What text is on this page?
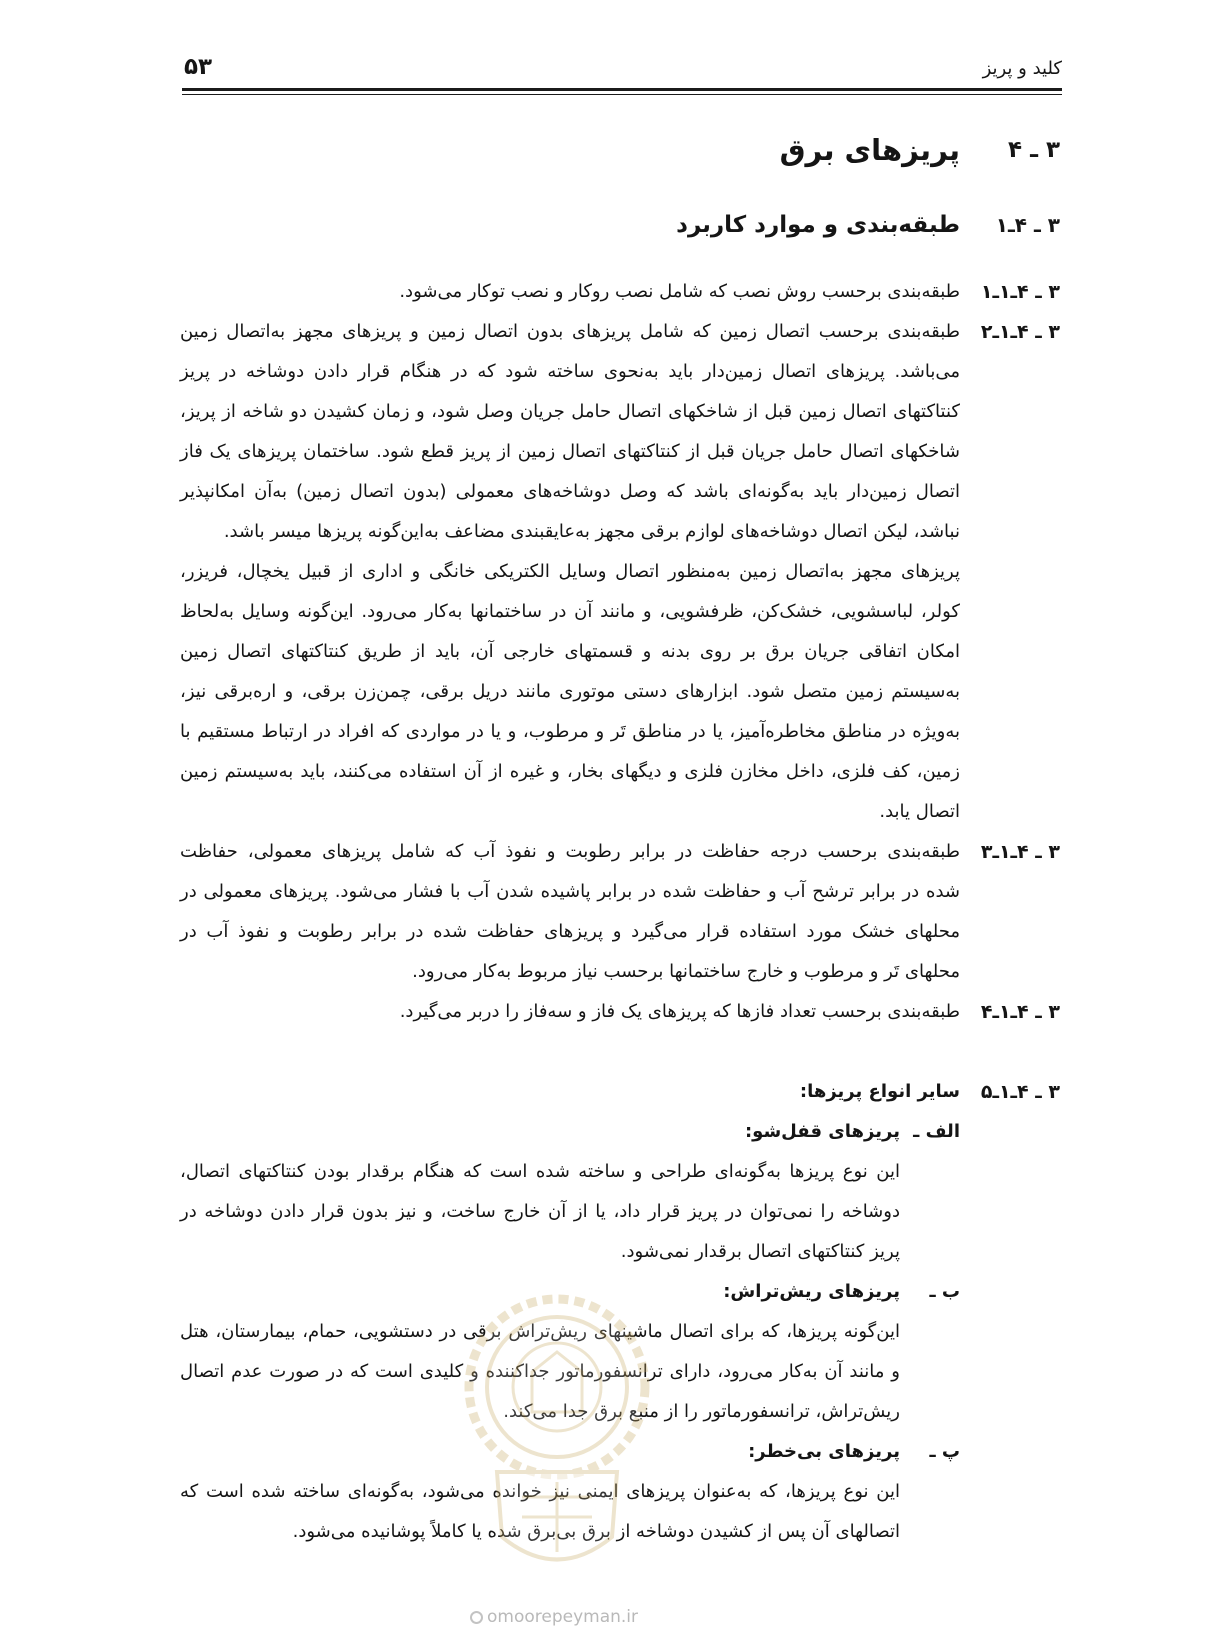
کلید و پریز
۵۳
۳ ـ ۴
پریزهای برق
۳ ـ ۴ـ۱
طبقه‌بندی و موارد کاربرد
۳ ـ ۴ـ۱ـ۱
طبقه‌بندی برحسب روش نصب که شامل نصب روکار و نصب توکار می‌شود.
۳ ـ ۴ـ۱ـ۲
طبقه‌بندی برحسب اتصال زمین که شامل پریزهای بدون اتصال زمین و پریزهای مجهز به‌اتصال زمین
می‌باشد. پریزهای اتصال زمین‌دار باید به‌نحوی ساخته شود که در هنگام قرار دادن دوشاخه در پریز
کنتاکتهای اتصال زمین قبل از شاخکهای اتصال حامل جریان وصل شود، و زمان کشیدن دو شاخه از پریز،
شاخکهای اتصال حامل جریان قبل از کنتاکتهای اتصال زمین از پریز قطع شود. ساختمان پریزهای یک فاز
اتصال زمین‌دار باید به‌گونه‌ای باشد که وصل دوشاخه‌های معمولی (بدون اتصال زمین) به‌آن امکانپذیر
نباشد، لیکن اتصال دوشاخه‌های لوازم برقی مجهز به‌عایقبندی مضاعف به‌این‌گونه پریزها میسر باشد.
پریزهای مجهز به‌اتصال زمین به‌منظور اتصال وسایل الکتریکی خانگی و اداری از قبیل یخچال، فریزر،
کولر، لباسشویی، خشک‌کن، ظرفشویی، و مانند آن در ساختمانها به‌کار می‌رود. این‌گونه وسایل به‌لحاظ
امکان اتفاقی جریان برق بر روی بدنه و قسمتهای خارجی آن، باید از طریق کنتاکتهای اتصال زمین
به‌سیستم زمین متصل شود. ابزارهای دستی موتوری مانند دریل برقی، چمن‌زن برقی، و اره‌برقی نیز،
به‌ویژه در مناطق مخاطره‌آمیز، یا در مناطق تَر و مرطوب، و یا در مواردی که افراد در ارتباط مستقیم با
زمین، کف فلزی، داخل مخازن فلزی و دیگهای بخار، و غیره از آن استفاده می‌کنند، باید به‌سیستم زمین
اتصال یابد.
۳ ـ ۴ـ۱ـ۳
طبقه‌بندی برحسب درجه حفاظت در برابر رطوبت و نفوذ آب که شامل پریزهای معمولی، حفاظت
شده در برابر ترشح آب و حفاظت شده در برابر پاشیده شدن آب با فشار می‌شود. پریزهای معمولی در
محلهای خشک مورد استفاده قرار می‌گیرد و پریزهای حفاظت شده در برابر رطوبت و نفوذ آب در
محلهای تَر و مرطوب و خارج ساختمانها برحسب نیاز مربوط به‌کار می‌رود.
۳ ـ ۴ـ۱ـ۴
طبقه‌بندی برحسب تعداد فازها که پریزهای یک فاز و سه‌فاز را دربر می‌گیرد.
۳ ـ ۴ـ۱ـ۵
سایر انواع پریزها:
الف ـ
پریزهای قفل‌شو:
این نوع پریزها به‌گونه‌ای طراحی و ساخته شده است که هنگام برقدار بودن کنتاکتهای اتصال،
دوشاخه را نمی‌توان در پریز قرار داد، یا از آن خارج ساخت، و نیز بدون قرار دادن دوشاخه در
پریز کنتاکتهای اتصال برقدار نمی‌شود.
ب ـ
پریزهای ریش‌تراش:
این‌گونه پریزها، که برای اتصال ماشینهای ریش‌تراش برقی در دستشویی، حمام، بیمارستان، هتل
و مانند آن به‌کار می‌رود، دارای ترانسفورماتور جداکننده و کلیدی است که در صورت عدم اتصال
ریش‌تراش، ترانسفورماتور را از منبع برق جدا می‌کند.
پ ـ
پریزهای بی‌خطر:
این نوع پریزها، که به‌عنوان پریزهای ایمنی نیز خوانده می‌شود، به‌گونه‌ای ساخته شده است که
اتصالهای آن پس از کشیدن دوشاخه از برق بی‌برق شده یا کاملاً پوشانیده می‌شود.
omoorepeyman.ir
